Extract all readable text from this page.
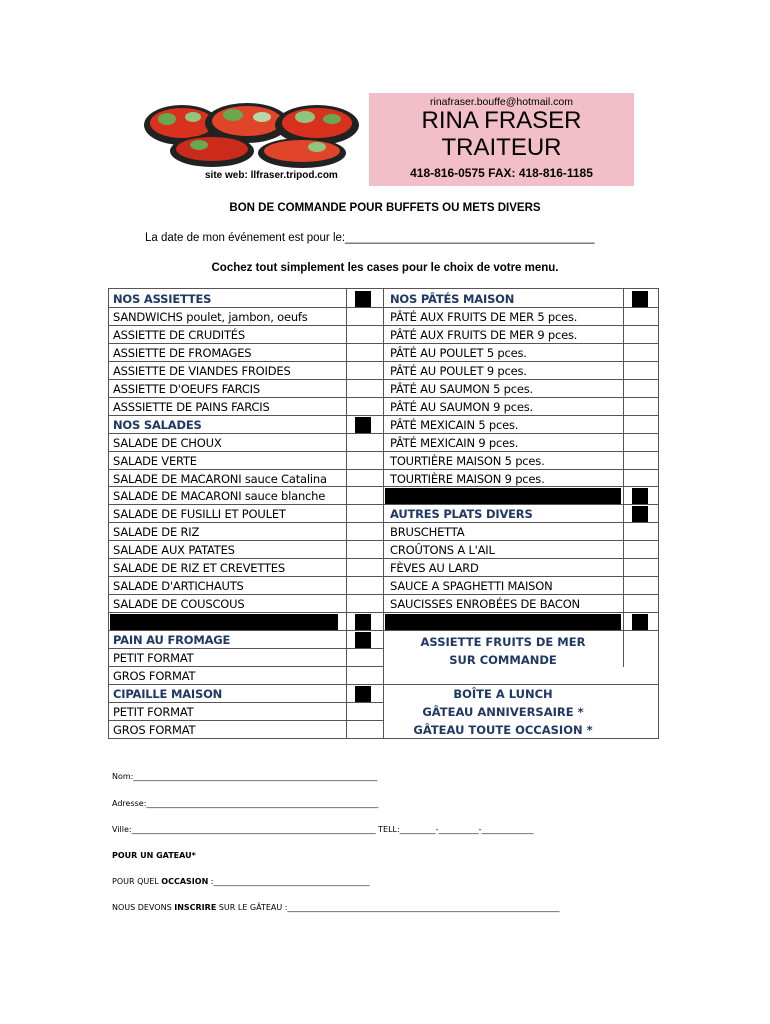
site web: llfraser.tripod.com
rinafraser.bouffe@hotmail.com
RINA FRASER
TRAITEUR
418-816-0575 FAX: 418-816-1185
BON DE COMMANDE POUR BUFFETS OU METS DIVERS
La date de mon événement est pour le:_______________________________________
Cochez tout simplement les cases pour le choix de votre menu.
NOS ASSIETTES
SANDWICHS poulet, jambon, oeufs
ASSIETTE DE CRUDITÉS
ASSIETTE DE FROMAGES
ASSIETTE DE VIANDES FROIDES
ASSIETTE D'OEUFS FARCIS
ASSSIETTE DE PAINS FARCIS
NOS SALADES
SALADE DE CHOUX
SALADE VERTE
SALADE DE MACARONI sauce Catalina
SALADE DE MACARONI sauce blanche
SALADE DE FUSILLI ET POULET
SALADE DE RIZ
SALADE AUX PATATES
SALADE DE RIZ ET CREVETTES
SALADE D'ARTICHAUTS
SALADE DE COUSCOUS
PAIN AU FROMAGE
PETIT FORMAT
GROS FORMAT
CIPAILLE MAISON
PETIT FORMAT
GROS FORMAT
NOS PÂTÉS MAISON
PÂTÉ AUX FRUITS DE MER 5 pces.
PÂTÉ AUX FRUITS DE MER 9 pces.
PÂTÉ AU POULET 5 pces.
PÂTÉ AU POULET 9 pces.
PÂTÉ AU SAUMON 5 pces.
PÂTÉ AU SAUMON 9 pces.
PÂTÉ MEXICAIN 5 pces.
PÂTÉ MEXICAIN 9 pces.
TOURTIÈRE MAISON 5 pces.
TOURTIÈRE MAISON 9 pces.
AUTRES PLATS DIVERS
BRUSCHETTA
CROÛTONS A L'AIL
FÈVES AU LARD
SAUCE A SPAGHETTI MAISON
SAUCISSES ENROBÉES DE BACON
ASSIETTE FRUITS DE MER
SUR COMMANDE
BOÎTE A LUNCH
GÂTEAU ANNIVERSAIRE *
GÂTEAU TOUTE OCCASION *
Nom:_____________________________________________________________
Adresse:__________________________________________________________
Ville:_____________________________________________________________ TELL:_________-__________-_____________
POUR UN GATEAU*
POUR QUEL OCCASION :_______________________________________
NOUS DEVONS INSCRIRE SUR LE GÂTEAU :____________________________________________________________________
